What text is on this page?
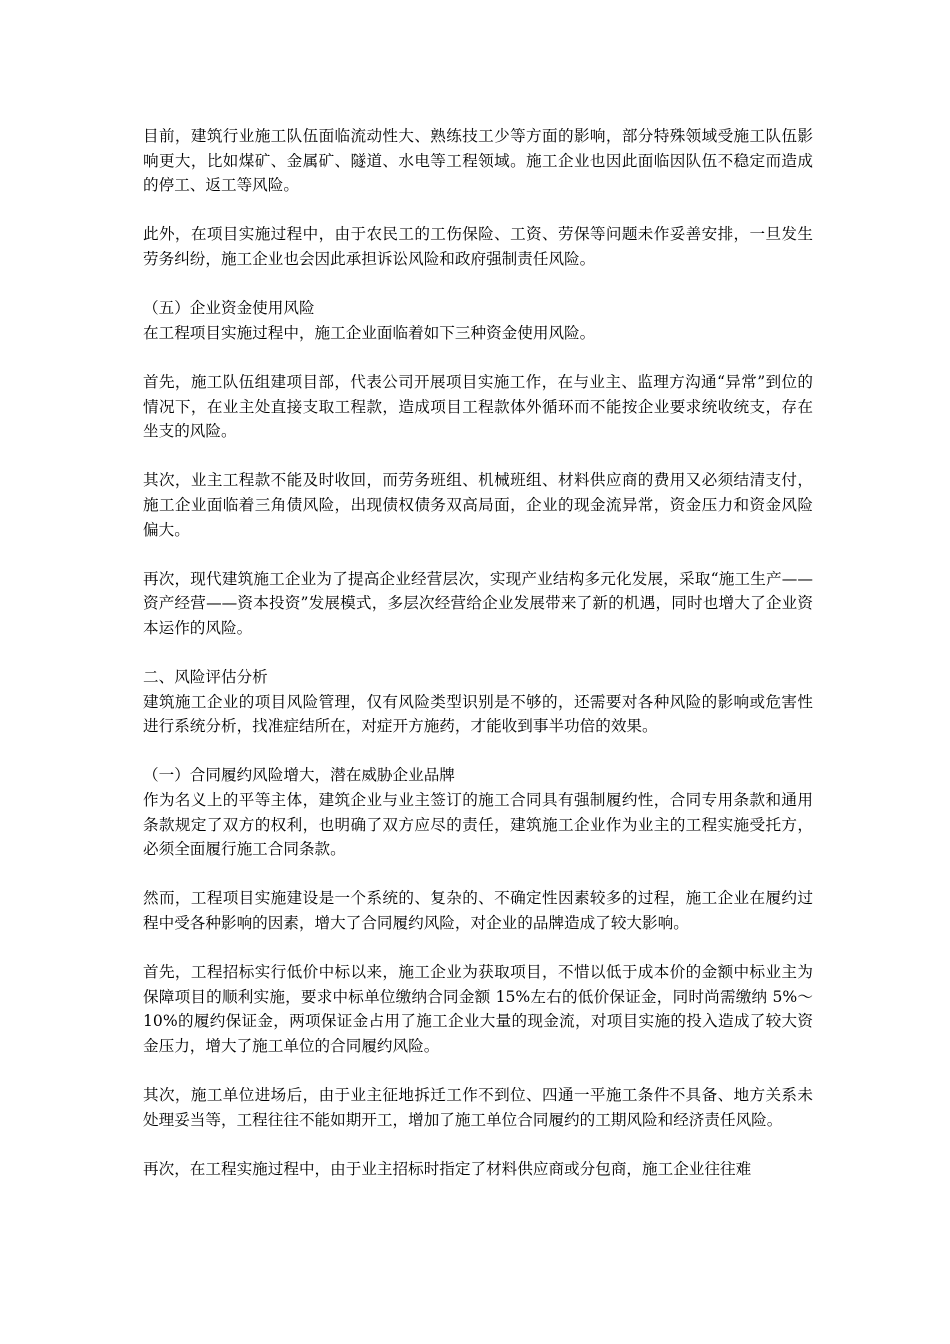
目前，建筑行业施工队伍面临流动性大、熟练技工少等方面的影响，部分特殊领域受施工队伍影响更大，比如煤矿、金属矿、隧道、水电等工程领域。施工企业也因此面临因队伍不稳定而造成的停工、返工等风险。

此外，在项目实施过程中，由于农民工的工伤保险、工资、劳保等问题未作妥善安排，一旦发生劳务纠纷，施工企业也会因此承担诉讼风险和政府强制责任风险。

（五）企业资金使用风险

在工程项目实施过程中，施工企业面临着如下三种资金使用风险。

首先，施工队伍组建项目部，代表公司开展项目实施工作，在与业主、监理方沟通“异常”到位的情况下，在业主处直接支取工程款，造成项目工程款体外循环而不能按企业要求统收统支，存在坐支的风险。

其次，业主工程款不能及时收回，而劳务班组、机械班组、材料供应商的费用又必须结清支付，施工企业面临着三角债风险，出现债权债务双高局面，企业的现金流异常，资金压力和资金风险偏大。

再次，现代建筑施工企业为了提高企业经营层次，实现产业结构多元化发展，采取“施工生产——资产经营——资本投资”发展模式，多层次经营给企业发展带来了新的机遇，同时也增大了企业资本运作的风险。

二、风险评估分析

建筑施工企业的项目风险管理，仅有风险类型识别是不够的，还需要对各种风险的影响或危害性进行系统分析，找准症结所在，对症开方施药，才能收到事半功倍的效果。

（一）合同履约风险增大，潜在威胁企业品牌

作为名义上的平等主体，建筑企业与业主签订的施工合同具有强制履约性，合同专用条款和通用条款规定了双方的权利，也明确了双方应尽的责任，建筑施工企业作为业主的工程实施受托方，必须全面履行施工合同条款。

然而，工程项目实施建设是一个系统的、复杂的、不确定性因素较多的过程，施工企业在履约过程中受各种影响的因素，增大了合同履约风险，对企业的品牌造成了较大影响。

首先，工程招标实行低价中标以来，施工企业为获取项目，不惜以低于成本价的金额中标业主为保障项目的顺利实施，要求中标单位缴纳合同金额 15%左右的低价保证金，同时尚需缴纳 5%～10%的履约保证金，两项保证金占用了施工企业大量的现金流，对项目实施的投入造成了较大资金压力，增大了施工单位的合同履约风险。

其次，施工单位进场后，由于业主征地拆迁工作不到位、四通一平施工条件不具备、地方关系未处理妥当等，工程往往不能如期开工，增加了施工单位合同履约的工期风险和经济责任风险。

再次，在工程实施过程中，由于业主招标时指定了材料供应商或分包商，施工企业往往难
